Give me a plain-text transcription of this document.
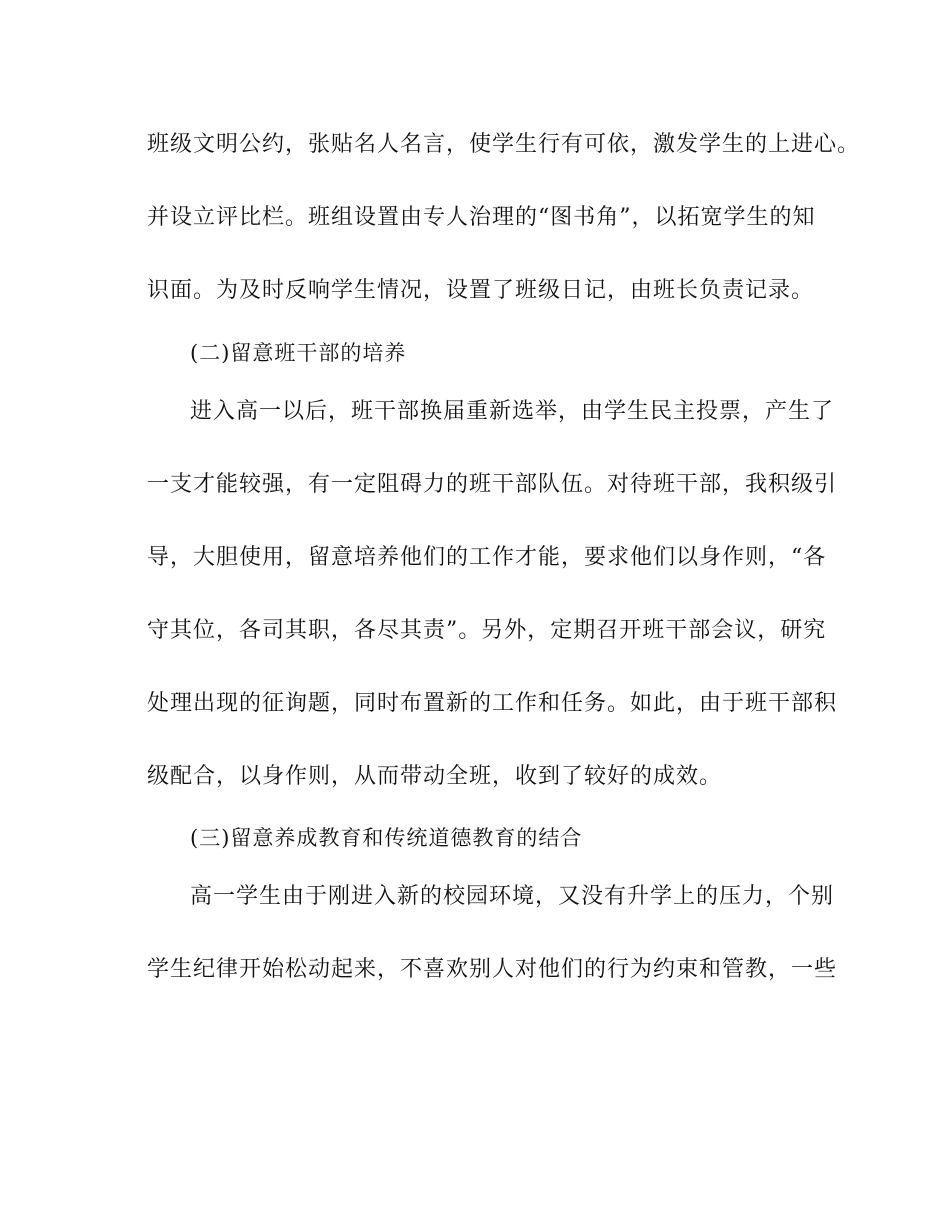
班级文明公约，张贴名人名言，使学生行有可依，激发学生的上进心。
并设立评比栏。班组设置由专人治理的“图书角”，以拓宽学生的知
识面。为及时反响学生情况，设置了班级日记，由班长负责记录。
(二)留意班干部的培养
进入高一以后，班干部换届重新选举，由学生民主投票，产生了
一支才能较强，有一定阻碍力的班干部队伍。对待班干部，我积级引
导，大胆使用，留意培养他们的工作才能，要求他们以身作则，“各
守其位，各司其职，各尽其责”。另外，定期召开班干部会议，研究
处理出现的征询题，同时布置新的工作和任务。如此，由于班干部积
级配合，以身作则，从而带动全班，收到了较好的成效。
(三)留意养成教育和传统道德教育的结合
高一学生由于刚进入新的校园环境，又没有升学上的压力，个别
学生纪律开始松动起来，不喜欢别人对他们的行为约束和管教，一些
